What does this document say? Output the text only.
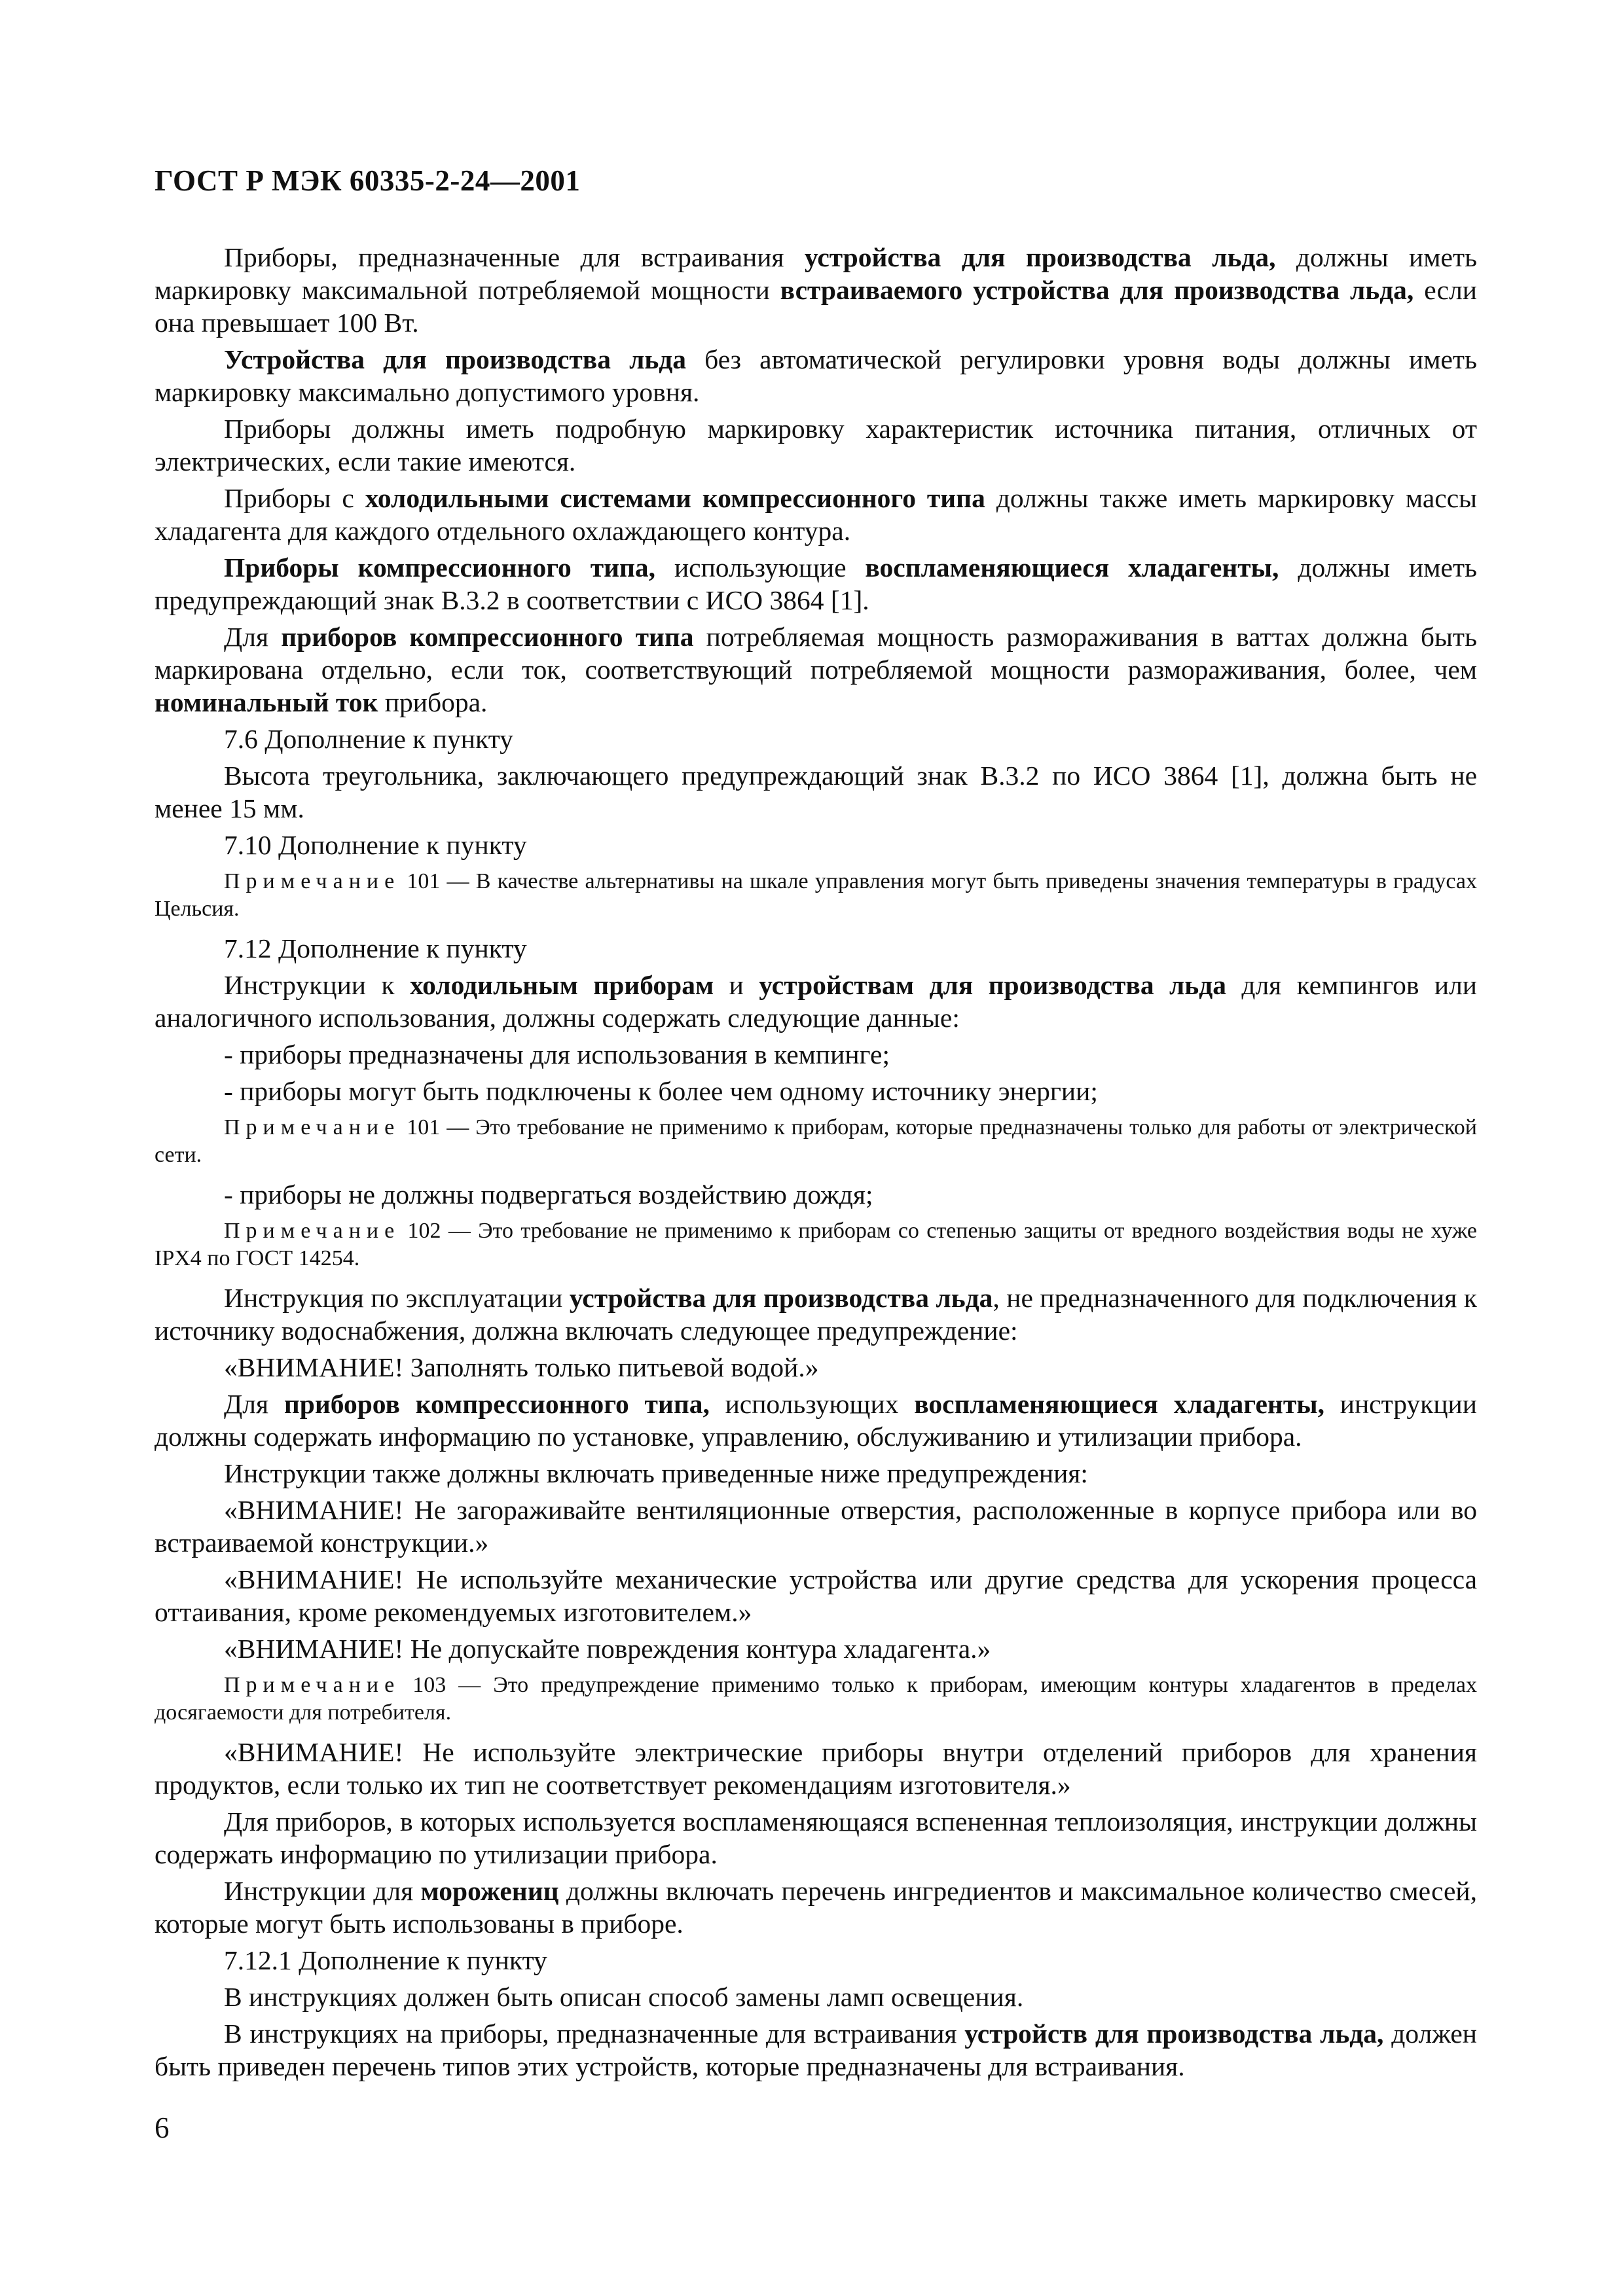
ГОСТ Р МЭК 60335-2-24—2001

Приборы, предназначенные для встраивания устройства для производства льда, должны иметь маркировку максимальной потребляемой мощности встраиваемого устройства для производства льда, если она превышает 100 Вт.

Устройства для производства льда без автоматической регулировки уровня воды должны иметь маркировку максимально допустимого уровня.

Приборы должны иметь подробную маркировку характеристик источника питания, отличных от электрических, если такие имеются.

Приборы с холодильными системами компрессионного типа должны также иметь маркировку массы хладагента для каждого отдельного охлаждающего контура.

Приборы компрессионного типа, использующие воспламеняющиеся хладагенты, должны иметь предупреждающий знак B.3.2 в соответствии с ИСО 3864 [1].

Для приборов компрессионного типа потребляемая мощность размораживания в ваттах должна быть маркирована отдельно, если ток, соответствующий потребляемой мощности размораживания, более, чем номинальный ток прибора.

7.6 Дополнение к пункту

Высота треугольника, заключающего предупреждающий знак B.3.2 по ИСО 3864 [1], должна быть не менее 15 мм.

7.10 Дополнение к пункту

Примечание 101 — В качестве альтернативы на шкале управления могут быть приведены значения температуры в градусах Цельсия.

7.12 Дополнение к пункту

Инструкции к холодильным приборам и устройствам для производства льда для кемпингов или аналогичного использования, должны содержать следующие данные:

- приборы предназначены для использования в кемпинге;

- приборы могут быть подключены к более чем одному источнику энергии;

Примечание 101 — Это требование не применимо к приборам, которые предназначены только для работы от электрической сети.

- приборы не должны подвергаться воздействию дождя;

Примечание 102 — Это требование не применимо к приборам со степенью защиты от вредного воздействия воды не хуже IPX4 по ГОСТ 14254.

Инструкция по эксплуатации устройства для производства льда, не предназначенного для подключения к источнику водоснабжения, должна включать следующее предупреждение:

«ВНИМАНИЕ! Заполнять только питьевой водой.»

Для приборов компрессионного типа, использующих воспламеняющиеся хладагенты, инструкции должны содержать информацию по установке, управлению, обслуживанию и утилизации прибора.

Инструкции также должны включать приведенные ниже предупреждения:

«ВНИМАНИЕ! Не загораживайте вентиляционные отверстия, расположенные в корпусе прибора или во встраиваемой конструкции.»

«ВНИМАНИЕ! Не используйте механические устройства или другие средства для ускорения процесса оттаивания, кроме рекомендуемых изготовителем.»

«ВНИМАНИЕ! Не допускайте повреждения контура хладагента.»

Примечание 103 — Это предупреждение применимо только к приборам, имеющим контуры хладагентов в пределах досягаемости для потребителя.

«ВНИМАНИЕ! Не используйте электрические приборы внутри отделений приборов для хранения продуктов, если только их тип не соответствует рекомендациям изготовителя.»

Для приборов, в которых используется воспламеняющаяся вспененная теплоизоляция, инструкции должны содержать информацию по утилизации прибора.

Инструкции для морожениц должны включать перечень ингредиентов и максимальное количество смесей, которые могут быть использованы в приборе.

7.12.1 Дополнение к пункту

В инструкциях должен быть описан способ замены ламп освещения.

В инструкциях на приборы, предназначенные для встраивания устройств для производства льда, должен быть приведен перечень типов этих устройств, которые предназначены для встраивания.

6
